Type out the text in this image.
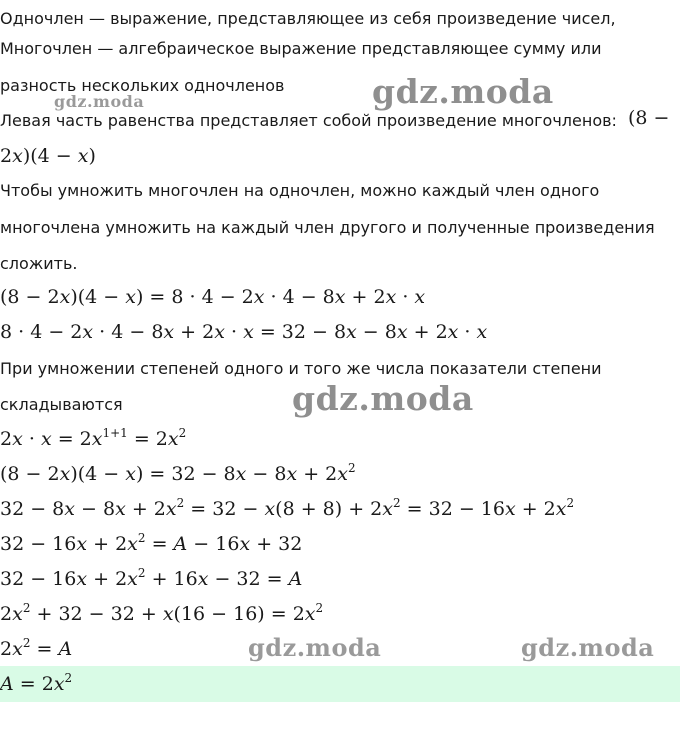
Одночлен — выражение, представляющее из себя произведение чисел,
Многочлен — алгебраическое выражение представляющее сумму или
разность нескольких одночленов
Левая часть равенства представляет собой произведение многочленов: (8 −
2x)(4 − x)
Чтобы умножить многочлен на одночлен, можно каждый член одного
многочлена умножить на каждый член другого и полученные произведения
сложить.
(8 − 2x)(4 − x) = 8 · 4 − 2x · 4 − 8x + 2x · x
8 · 4 − 2x · 4 − 8x + 2x · x = 32 − 8x − 8x + 2x · x
При умножении степеней одного и того же числа показатели степени
складываются
$2x \cdot x = 2x^{1+1} = 2x^2$
$(8 - 2x)(4 - x) = 32 - 8x - 8x + 2x^2$
$32 - 8x - 8x + 2x^2 = 32 - x(8 + 8) + 2x^2 = 32 - 16x + 2x^2$
$32 - 16x + 2x^2 = A - 16x + 32$
$32 - 16x + 2x^2 + 16x - 32 = A$
$2x^2 + 32 - 32 + x(16 - 16) = 2x^2$
$2x^2 = A$
$A = 2x^2$
gdz.moda
gdz.moda
gdz.moda
gdz.moda	gdz.moda
